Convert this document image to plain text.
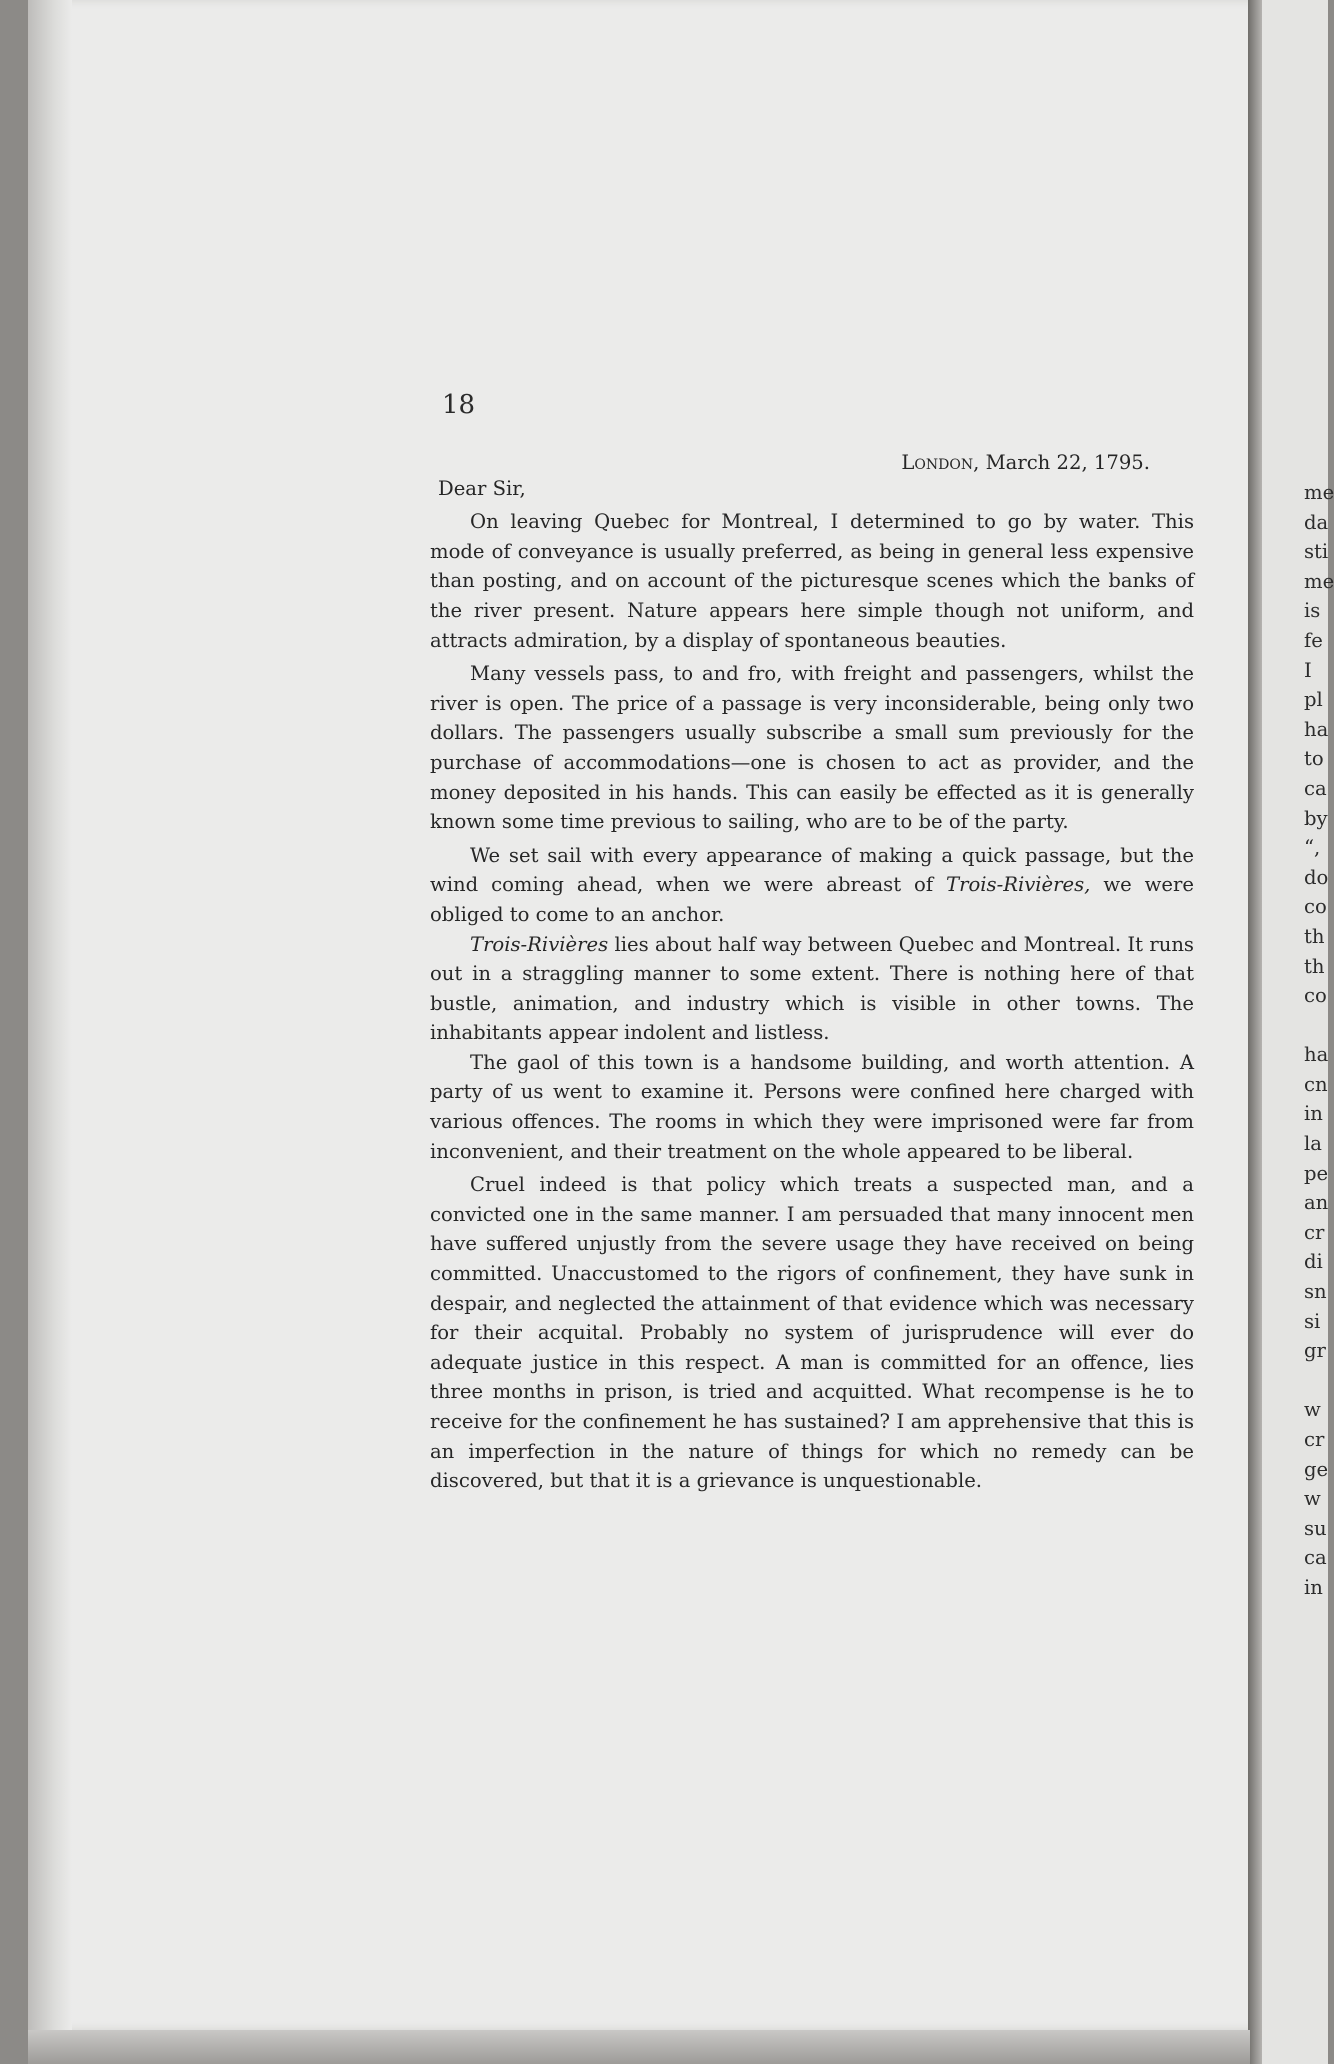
18

London, March 22, 1795.

Dear Sir,

On leaving Quebec for Montreal, I determined to go by water. This mode of conveyance is usually preferred, as being in general less expensive than posting, and on account of the picturesque scenes which the banks of the river present. Nature appears here simple though not uniform, and attracts admiration, by a display of spontaneous beauties.

Many vessels pass, to and fro, with freight and passengers, whilst the river is open. The price of a passage is very inconsiderable, being only two dollars. The passengers usually subscribe a small sum previously for the purchase of accommodations—one is chosen to act as provider, and the money deposited in his hands. This can easily be effected as it is generally known some time previous to sailing, who are to be of the party.

We set sail with every appearance of making a quick passage, but the wind coming ahead, when we were abreast of Trois-Rivières, we were obliged to come to an anchor.

Trois-Rivières lies about half way between Quebec and Montreal. It runs out in a straggling manner to some extent. There is nothing here of that bustle, animation, and industry which is visible in other towns. The inhabitants appear indolent and listless.

The gaol of this town is a handsome building, and worth attention. A party of us went to examine it. Persons were confined here charged with various offences. The rooms in which they were imprisoned were far from inconvenient, and their treatment on the whole appeared to be liberal.

Cruel indeed is that policy which treats a suspected man, and a convicted one in the same manner. I am persuaded that many innocent men have suffered unjustly from the severe usage they have received on being committed. Unaccustomed to the rigors of confinement, they have sunk in despair, and neglected the attainment of that evidence which was necessary for their acquital. Probably no system of jurisprudence will ever do adequate justice in this respect. A man is committed for an offence, lies three months in prison, is tried and acquitted. What recompense is he to receive for the confinement he has sustained? I am apprehensive that this is an imperfection in the nature of things for which no remedy can be discovered, but that it is a grievance is unquestionable.

me
da
sti
me
is
fe
I
pl
ha
to
ca
by
“,
do
co
th
th
co
ha
cn
in
la
pe
an
cr
di
sn
si
gr
w
cr
ge
w
su
ca
in
